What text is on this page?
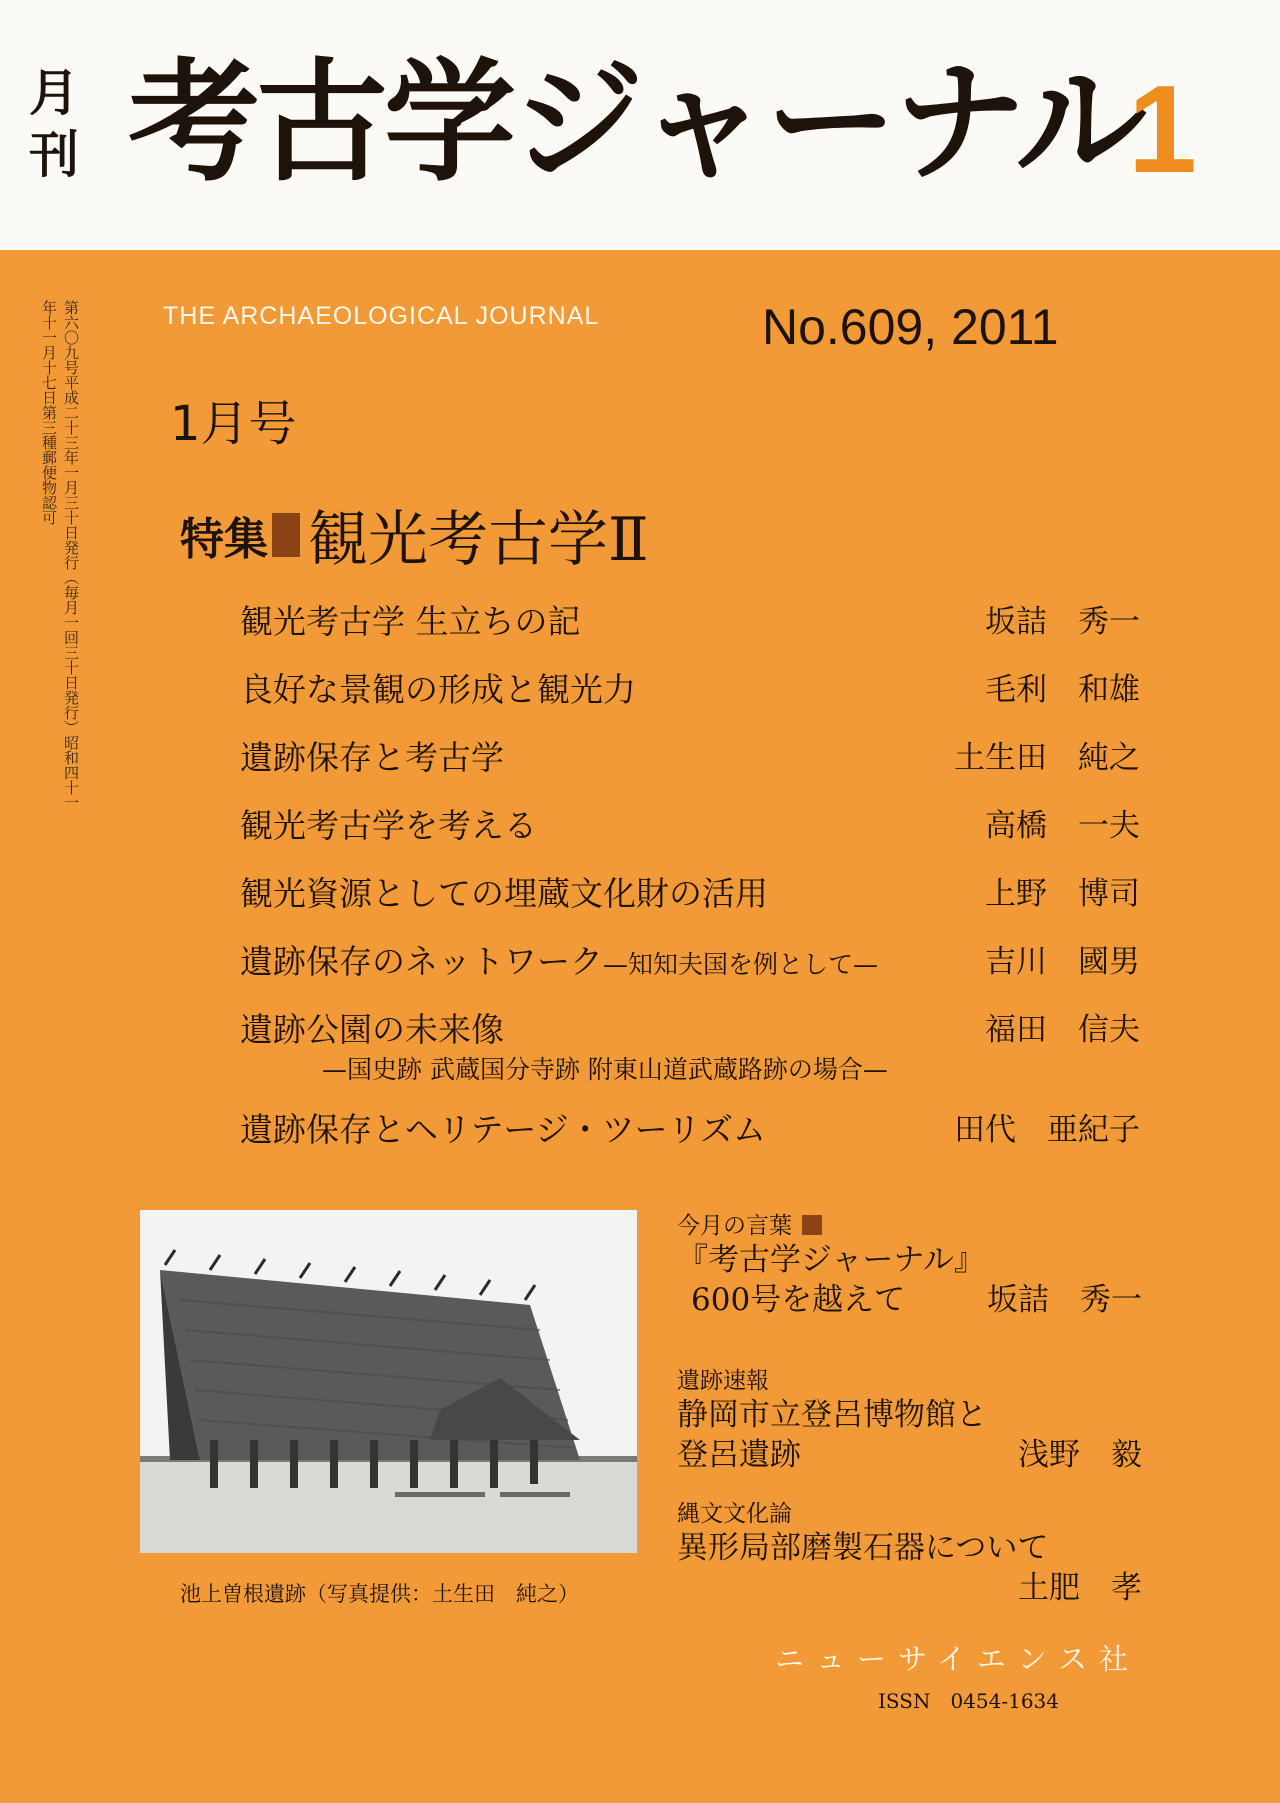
月
刊 考古学ジャーナル
1
第六〇九号平成二十三年一月三十日発行（毎月一回三十日発行）昭和四十一年十一月十七日第三種郵便物認可	THE ARCHAEOLOGICAL JOURNAL	No.609, 2011
1月号
特集 観光考古学Ⅱ
観光考古学 生立ちの記	坂詰　秀一
良好な景観の形成と観光力	毛利　和雄
遺跡保存と考古学	土生田　純之
観光考古学を考える	高橋　一夫
観光資源としての埋蔵文化財の活用	上野　博司
遺跡保存のネットワーク—知知夫国を例として—	吉川　國男
遺跡公園の未来像	福田　信夫
—国史跡 武蔵国分寺跡 附東山道武蔵路跡の場合—
遺跡保存とヘリテージ・ツーリズム	田代　亜紀子
池上曽根遺跡（写真提供：土生田　純之）
今月の言葉
『考古学ジャーナル』
600号を越えて	坂詰　秀一
遺跡速報
静岡市立登呂博物館と
登呂遺跡	浅野　毅
縄文文化論
異形局部磨製石器について
土肥　孝
ニューサイエンス社
ISSN　0454-1634
